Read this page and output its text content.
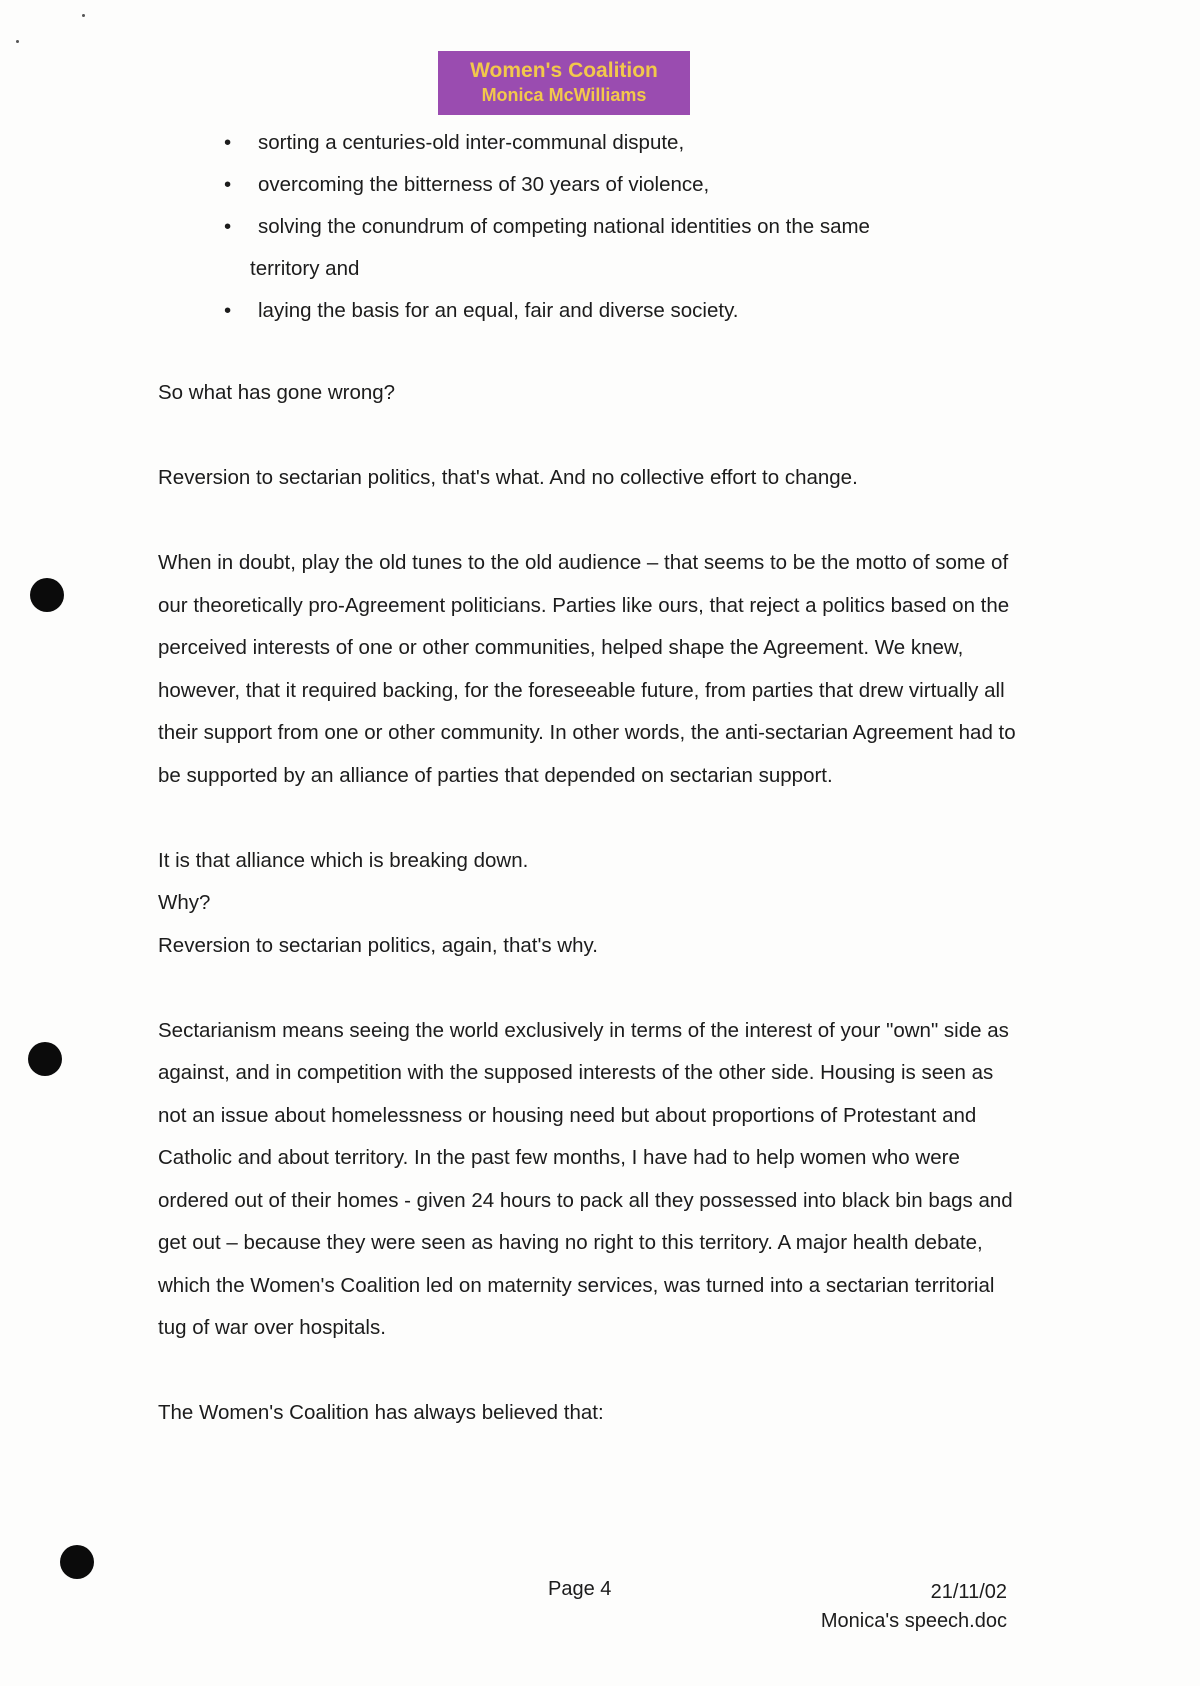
Women's Coalition
Monica McWilliams
• sorting a centuries-old inter-communal dispute,
• overcoming the bitterness of 30 years of violence,
• solving the conundrum of competing national identities on the same
territory and
• laying the basis for an equal, fair and diverse society.

So what has gone wrong?

Reversion to sectarian politics, that's what. And no collective effort to change.

When in doubt, play the old tunes to the old audience – that seems to be the motto of some of our theoretically pro-Agreement politicians. Parties like ours, that reject a politics based on the perceived interests of one or other communities, helped shape the Agreement. We knew, however, that it required backing, for the foreseeable future, from parties that drew virtually all their support from one or other community. In other words, the anti-sectarian Agreement had to be supported by an alliance of parties that depended on sectarian support.

It is that alliance which is breaking down.
Why?
Reversion to sectarian politics, again, that's why.

Sectarianism means seeing the world exclusively in terms of the interest of your "own" side as against, and in competition with the supposed interests of the other side. Housing is seen as not an issue about homelessness or housing need but about proportions of Protestant and Catholic and about territory. In the past few months, I have had to help women who were ordered out of their homes - given 24 hours to pack all they possessed into black bin bags and get out – because they were seen as having no right to this territory. A major health debate, which the Women's Coalition led on maternity services, was turned into a sectarian territorial tug of war over hospitals.

The Women's Coalition has always believed that:

Page 4	21/11/02
Monica's speech.doc
